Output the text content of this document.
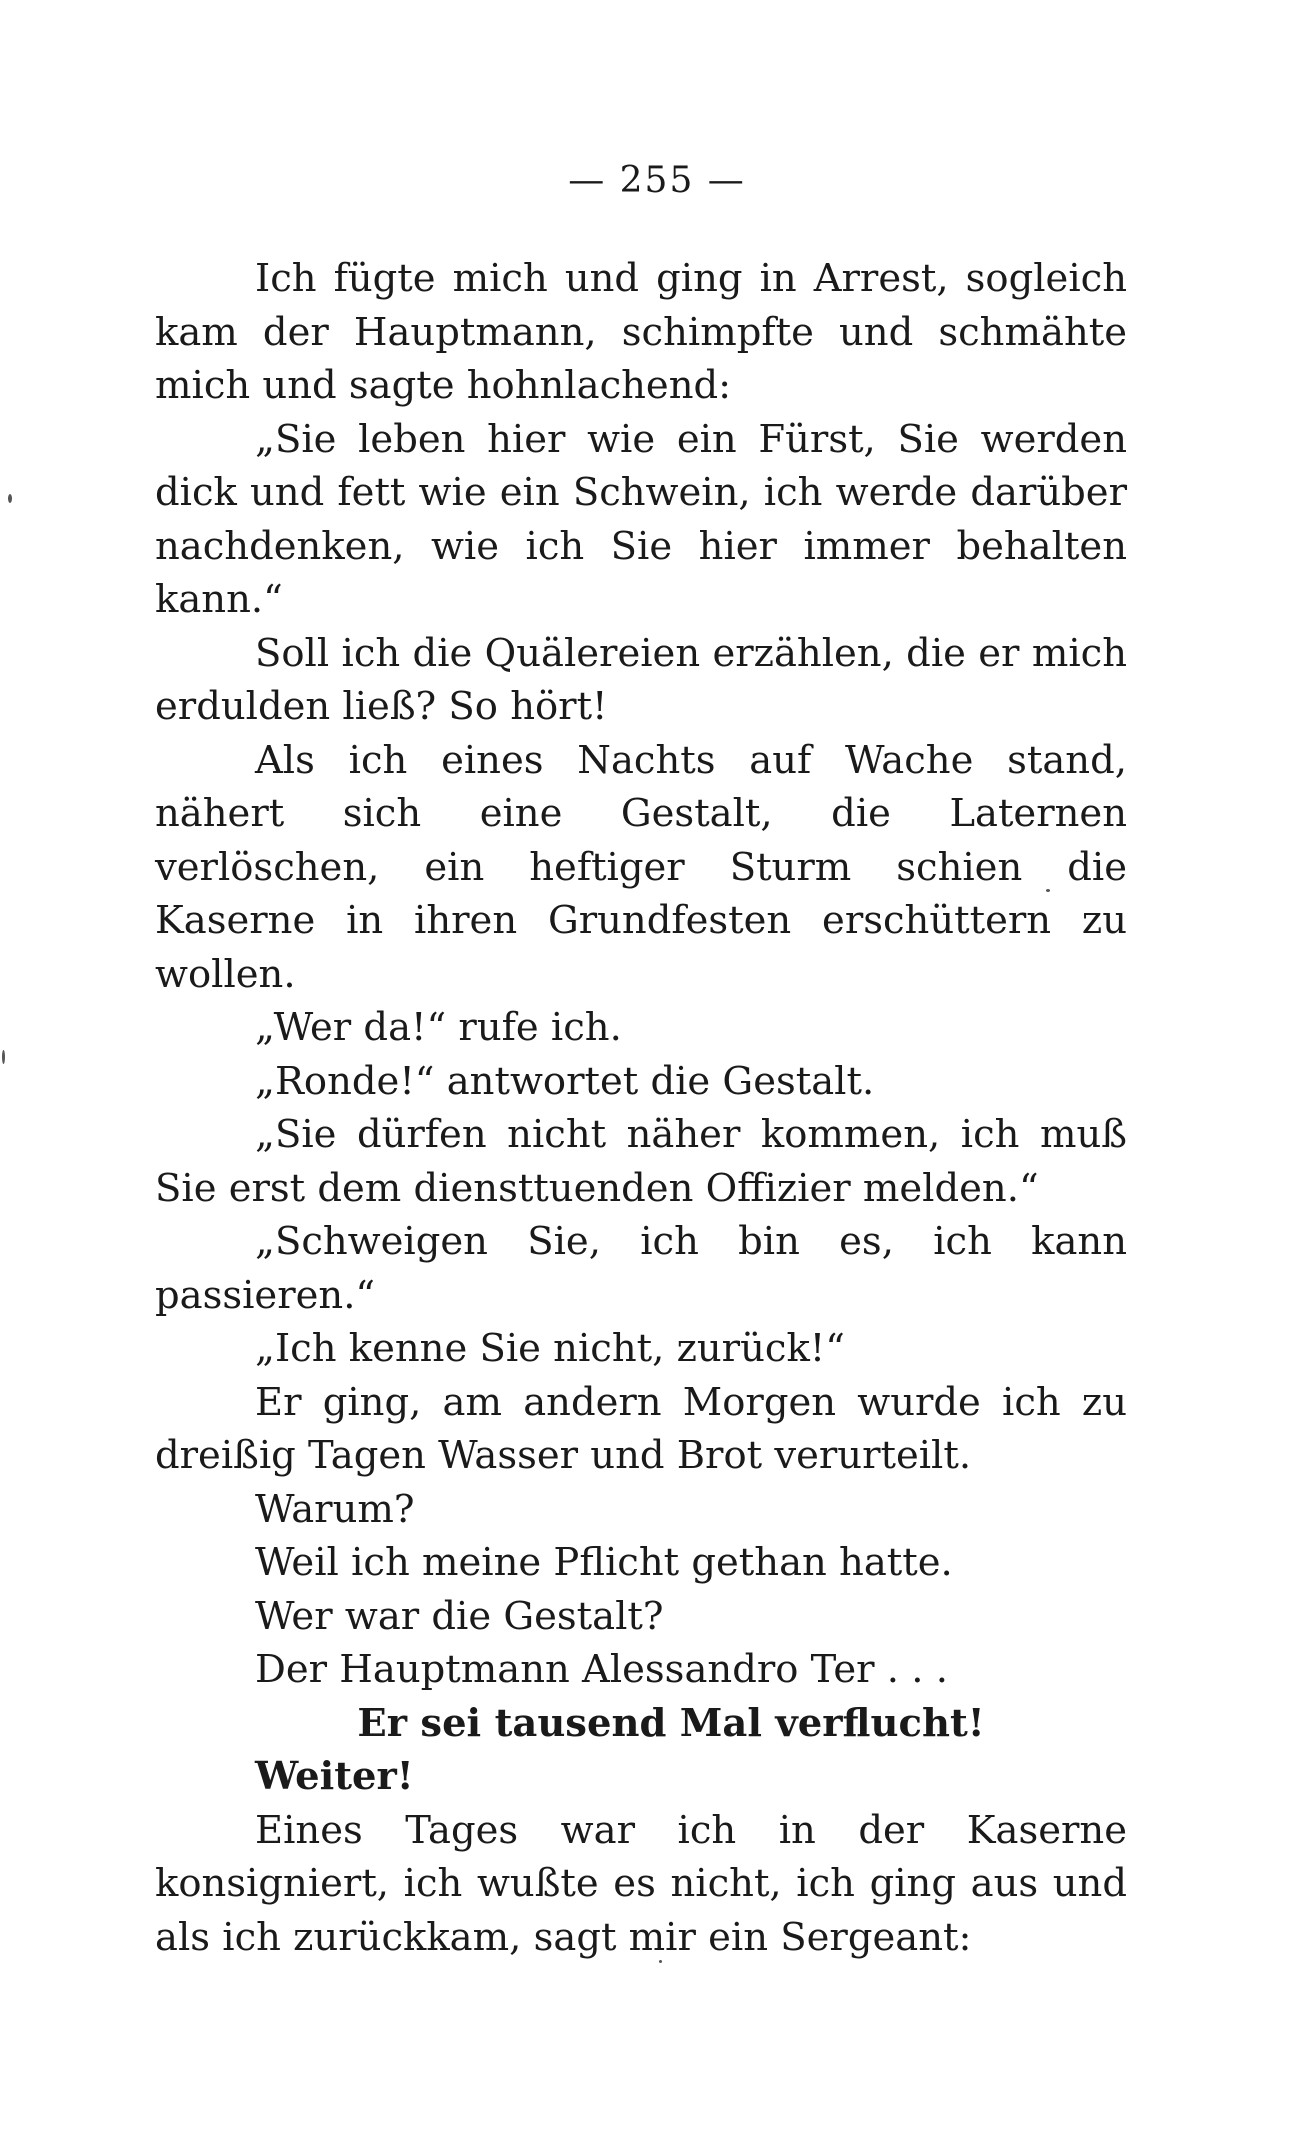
— 255 —

Ich fügte mich und ging in Arrest, sogleich kam der Hauptmann, schimpfte und schmähte mich und sagte hohnlachend:

„Sie leben hier wie ein Fürst, Sie werden dick und fett wie ein Schwein, ich werde darüber nachdenken, wie ich Sie hier immer behalten kann.“

Soll ich die Quälereien erzählen, die er mich erdulden ließ? So hört!

Als ich eines Nachts auf Wache stand, nähert sich eine Gestalt, die Laternen verlöschen, ein heftiger Sturm schien die Kaserne in ihren Grundfesten erschüttern zu wollen.

„Wer da!“ rufe ich.

„Ronde!“ antwortet die Gestalt.

„Sie dürfen nicht näher kommen, ich muß Sie erst dem diensttuenden Offizier melden.“

„Schweigen Sie, ich bin es, ich kann passieren.“

„Ich kenne Sie nicht, zurück!“

Er ging, am andern Morgen wurde ich zu dreißig Tagen Wasser und Brot verurteilt.

Warum?

Weil ich meine Pflicht gethan hatte.

Wer war die Gestalt?

Der Hauptmann Alessandro Ter . . .

Er sei tausend Mal verflucht!

Weiter!

Eines Tages war ich in der Kaserne konsigniert, ich wußte es nicht, ich ging aus und als ich zurückkam, sagt mir ein Sergeant:
